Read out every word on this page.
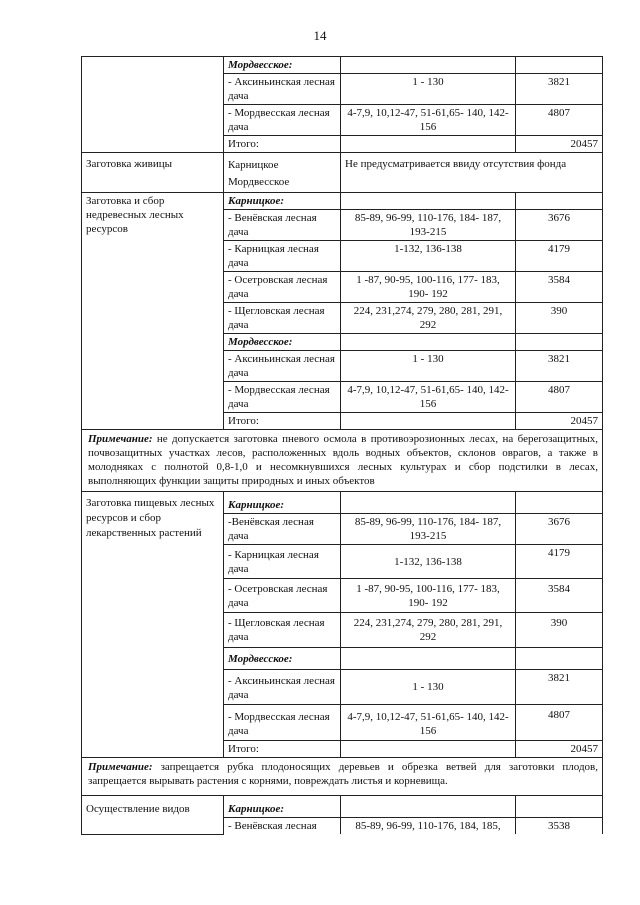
14
	Мордвесское:		
	- Аксиньинская лесная дача	1 - 130	3821
	- Мордвесская лесная дача	4-7,9, 10,12-47, 51-61,65- 140, 142-156	4807
	Итого:		20457
Заготовка живицы	Карницкое Мордвесское	Не предусматривается ввиду отсутствия фонда	
Заготовка и сбор недревесных лесных ресурсов	Карницкое:		
	- Венёвская лесная дача	85-89, 96-99, 110-176, 184- 187, 193-215	3676
	- Карницкая лесная дача	1-132, 136-138	4179
	- Осетровская лесная дача	1 -87, 90-95, 100-116, 177- 183, 190- 192	3584
	- Щегловская лесная дача	224, 231,274, 279, 280, 281, 291, 292	390
	Мордвесское:		
	- Аксиньинская лесная дача	1 - 130	3821
	- Мордвесская лесная дача	4-7,9, 10,12-47, 51-61,65- 140, 142-156	4807
	Итого:		20457
Примечание: не допускается заготовка пневого осмола в противоэрозионных лесах, на берегозащитных, почвозащитных участках лесов, расположенных вдоль водных объектов, склонов оврагов, а также в молодняках с полнотой 0,8-1,0 и несомкнувшихся лесных культурах и сбор подстилки в лесах, выполняющих функции защиты природных и иных объектов			
Заготовка пищевых лесных ресурсов и сбор лекарственных растений	Карницкое:		
	-Венёвская лесная дача	85-89, 96-99, 110-176, 184- 187, 193-215	3676
	- Карницкая лесная дача	1-132, 136-138	4179
	- Осетровская лесная дача	1 -87, 90-95, 100-116, 177- 183, 190- 192	3584
	- Щегловская лесная дача	224, 231,274, 279, 280, 281, 291, 292	390
	Мордвесское:		
	- Аксиньинская лесная дача	1 - 130	3821
	- Мордвесская лесная дача	4-7,9, 10,12-47, 51-61,65- 140, 142-156	4807
	Итого:		20457
Примечание: запрещается рубка плодоносящих деревьев и обрезка ветвей для заготовки плодов, запрещается вырывать растения с корнями, повреждать листья и корневища.			
Осуществление видов	Карницкое:		
	- Венёвская лесная	85-89, 96-99, 110-176, 184, 185,	3538
